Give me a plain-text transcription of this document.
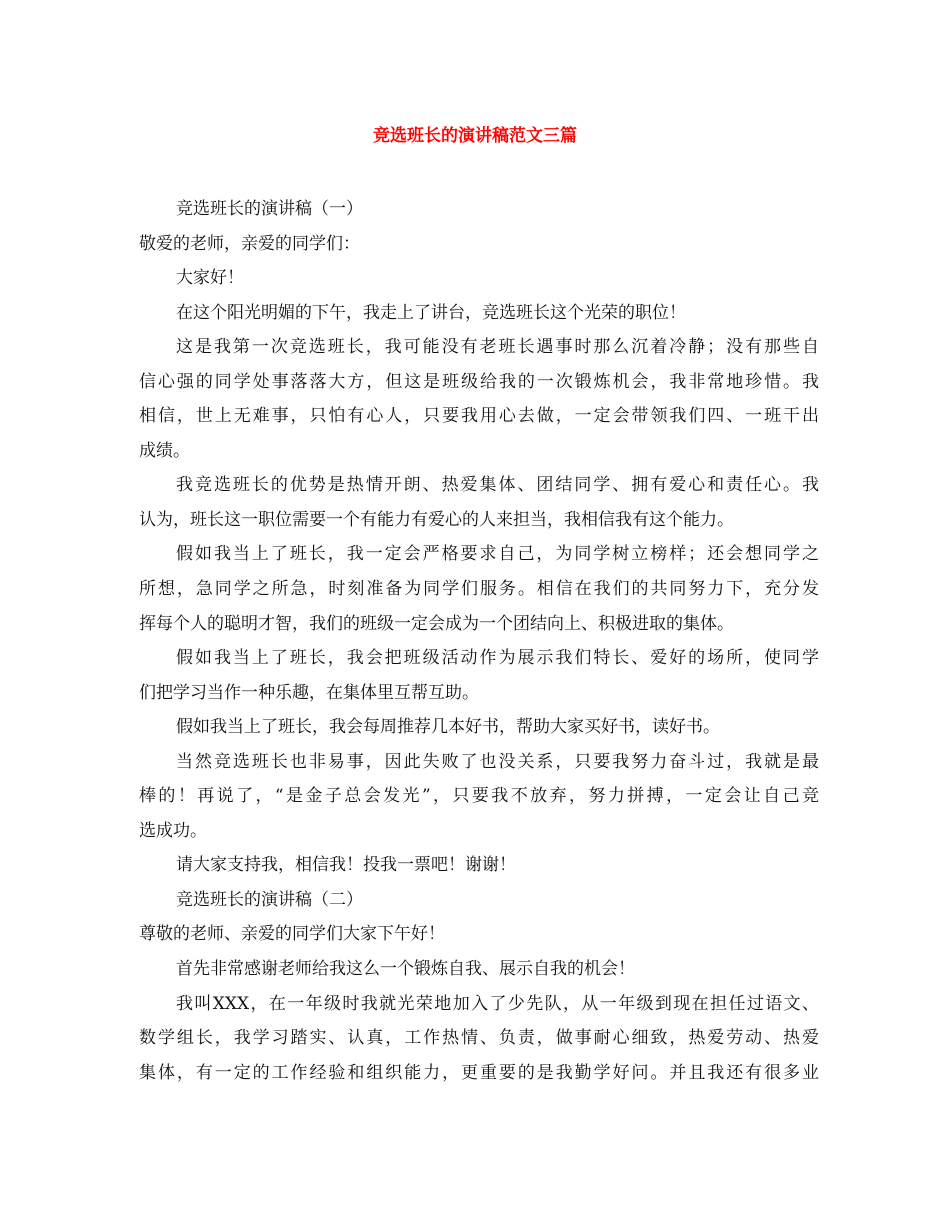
竞选班长的演讲稿范文三篇
竞选班长的演讲稿（一）
敬爱的老师，亲爱的同学们：
大家好！
在这个阳光明媚的下午，我走上了讲台，竞选班长这个光荣的职位！
这是我第一次竞选班长，我可能没有老班长遇事时那么沉着冷静；没有那些自
信心强的同学处事落落大方，但这是班级给我的一次锻炼机会，我非常地珍惜。我
相信，世上无难事，只怕有心人，只要我用心去做，一定会带领我们四、一班干出
成绩。
我竞选班长的优势是热情开朗、热爱集体、团结同学、拥有爱心和责任心。我
认为，班长这一职位需要一个有能力有爱心的人来担当，我相信我有这个能力。
假如我当上了班长，我一定会严格要求自己，为同学树立榜样；还会想同学之
所想，急同学之所急，时刻准备为同学们服务。相信在我们的共同努力下，充分发
挥每个人的聪明才智，我们的班级一定会成为一个团结向上、积极进取的集体。
假如我当上了班长，我会把班级活动作为展示我们特长、爱好的场所，使同学
们把学习当作一种乐趣，在集体里互帮互助。
假如我当上了班长，我会每周推荐几本好书，帮助大家买好书，读好书。
当然竞选班长也非易事，因此失败了也没关系，只要我努力奋斗过，我就是最
棒的！再说了，“是金子总会发光”，只要我不放弃，努力拼搏，一定会让自己竞
选成功。
请大家支持我，相信我！投我一票吧！谢谢！
竞选班长的演讲稿（二）
尊敬的老师、亲爱的同学们大家下午好！
首先非常感谢老师给我这么一个锻炼自我、展示自我的机会！
我叫XXX，在一年级时我就光荣地加入了少先队，从一年级到现在担任过语文、
数学组长，我学习踏实、认真，工作热情、负责，做事耐心细致，热爱劳动、热爱
集体，有一定的工作经验和组织能力，更重要的是我勤学好问。并且我还有很多业
